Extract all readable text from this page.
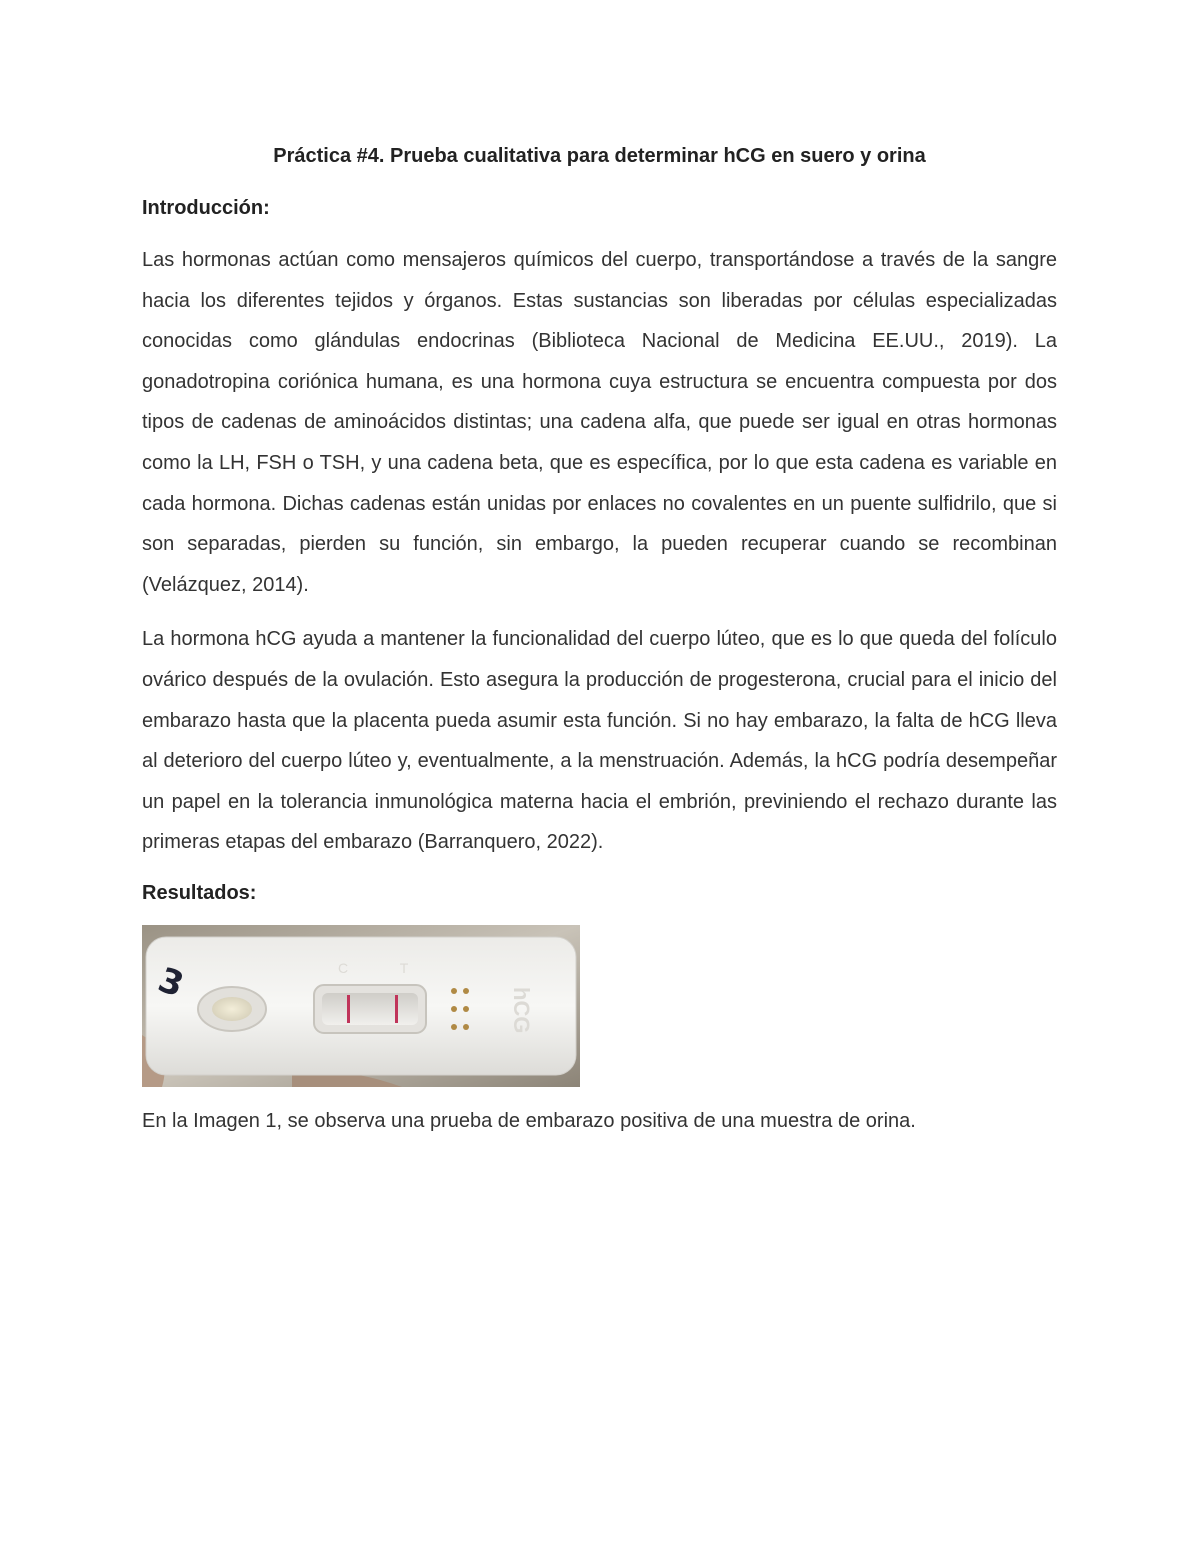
Práctica #4. Prueba cualitativa para determinar hCG en suero y orina
Introducción:

Las hormonas actúan como mensajeros químicos del cuerpo, transportándose a través de la sangre hacia los diferentes tejidos y órganos. Estas sustancias son liberadas por células especializadas conocidas como glándulas endocrinas (Biblioteca Nacional de Medicina EE.UU., 2019). La gonadotropina coriónica humana, es una hormona cuya estructura se encuentra compuesta por dos tipos de cadenas de aminoácidos distintas; una cadena alfa, que puede ser igual en otras hormonas como la LH, FSH o TSH, y una cadena beta, que es específica, por lo que esta cadena es variable en cada hormona. Dichas cadenas están unidas por enlaces no covalentes en un puente sulfidrilo, que si son separadas, pierden su función, sin embargo, la pueden recuperar cuando se recombinan (Velázquez, 2014).

La hormona hCG ayuda a mantener la funcionalidad del cuerpo lúteo, que es lo que queda del folículo ovárico después de la ovulación. Esto asegura la producción de progesterona, crucial para el inicio del embarazo hasta que la placenta pueda asumir esta función. Si no hay embarazo, la falta de hCG lleva al deterioro del cuerpo lúteo y, eventualmente, a la menstruación. Además, la hCG podría desempeñar un papel en la tolerancia inmunológica materna hacia el embrión, previniendo el rechazo durante las primeras etapas del embarazo (Barranquero, 2022).

Resultados:
hCG
C T
3

En la Imagen 1, se observa una prueba de embarazo positiva de una muestra de orina.
